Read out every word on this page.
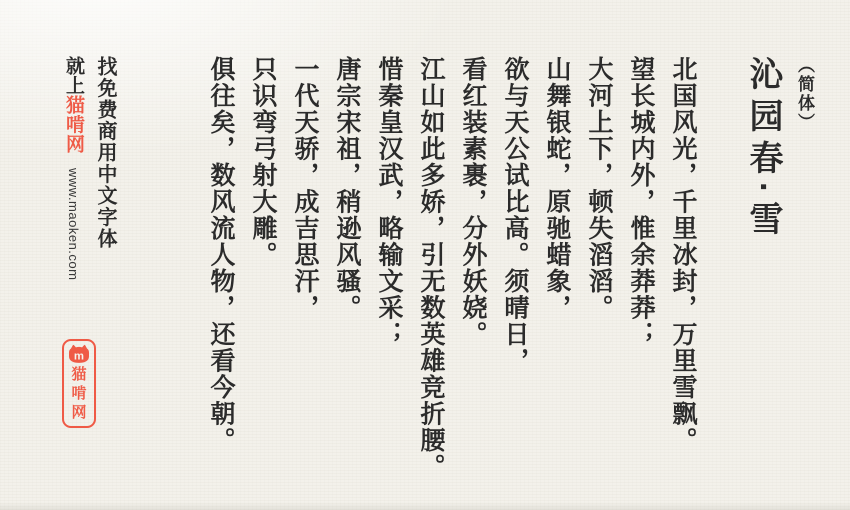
（简体）
沁园春·雪
北国风光，千里冰封，万里雪飘。
望长城内外，惟余莽莽；
大河上下，顿失滔滔。
山舞银蛇，原驰蜡象，
欲与天公试比高。须晴日，
看红装素裹，分外妖娆。
江山如此多娇，引无数英雄竞折腰。
惜秦皇汉武，略输文采；
唐宗宋祖，稍逊风骚。
一代天骄，成吉思汗，
只识弯弓射大雕。
俱往矣，数风流人物，还看今朝。
找免费商用中文字体
就上猫啃网www.maoken.com
m
猫
啃
网
